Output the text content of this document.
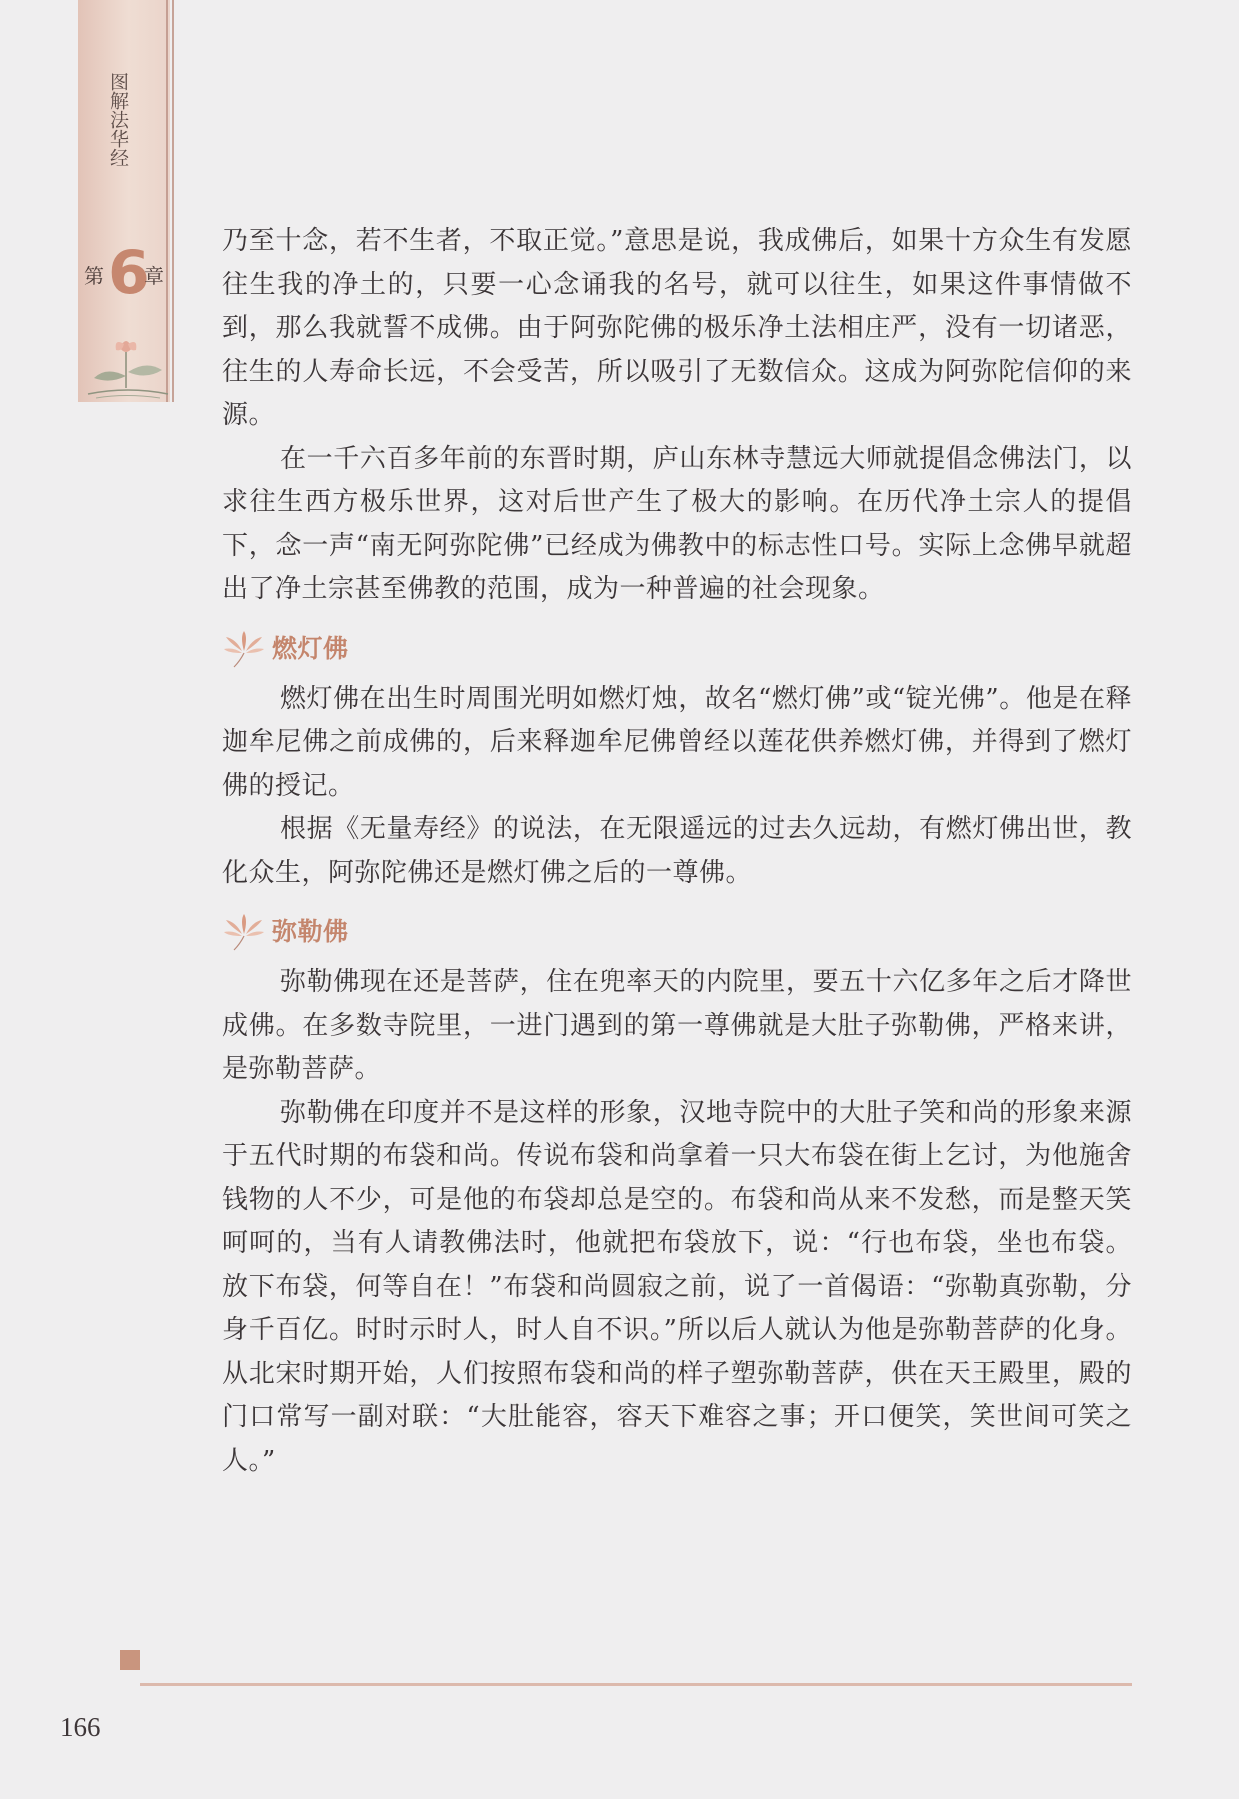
图解法华经
第 6
章

乃至十念，若不生者，不取正觉。”意思是说，我成佛后，如果十方众生有发愿往生我的净土的，只要一心念诵我的名号，就可以往生，如果这件事情做不到，那么我就誓不成佛。由于阿弥陀佛的极乐净土法相庄严，没有一切诸恶，往生的人寿命长远，不会受苦，所以吸引了无数信众。这成为阿弥陀信仰的来源。

在一千六百多年前的东晋时期，庐山东林寺慧远大师就提倡念佛法门，以求往生西方极乐世界，这对后世产生了极大的影响。在历代净土宗人的提倡下，念一声“南无阿弥陀佛”已经成为佛教中的标志性口号。实际上念佛早就超出了净土宗甚至佛教的范围，成为一种普遍的社会现象。

燃灯佛

燃灯佛在出生时周围光明如燃灯烛，故名“燃灯佛”或“锭光佛”。他是在释迦牟尼佛之前成佛的，后来释迦牟尼佛曾经以莲花供养燃灯佛，并得到了燃灯佛的授记。

根据《无量寿经》的说法，在无限遥远的过去久远劫，有燃灯佛出世，教化众生，阿弥陀佛还是燃灯佛之后的一尊佛。

弥勒佛

弥勒佛现在还是菩萨，住在兜率天的内院里，要五十六亿多年之后才降世成佛。在多数寺院里，一进门遇到的第一尊佛就是大肚子弥勒佛，严格来讲，是弥勒菩萨。

弥勒佛在印度并不是这样的形象，汉地寺院中的大肚子笑和尚的形象来源于五代时期的布袋和尚。传说布袋和尚拿着一只大布袋在街上乞讨，为他施舍钱物的人不少，可是他的布袋却总是空的。布袋和尚从来不发愁，而是整天笑呵呵的，当有人请教佛法时，他就把布袋放下，说：“行也布袋，坐也布袋。放下布袋，何等自在！”布袋和尚圆寂之前，说了一首偈语：“弥勒真弥勒，分身千百亿。时时示时人，时人自不识。”所以后人就认为他是弥勒菩萨的化身。从北宋时期开始，人们按照布袋和尚的样子塑弥勒菩萨，供在天王殿里，殿的门口常写一副对联：“大肚能容，容天下难容之事；开口便笑，笑世间可笑之人。”

166
